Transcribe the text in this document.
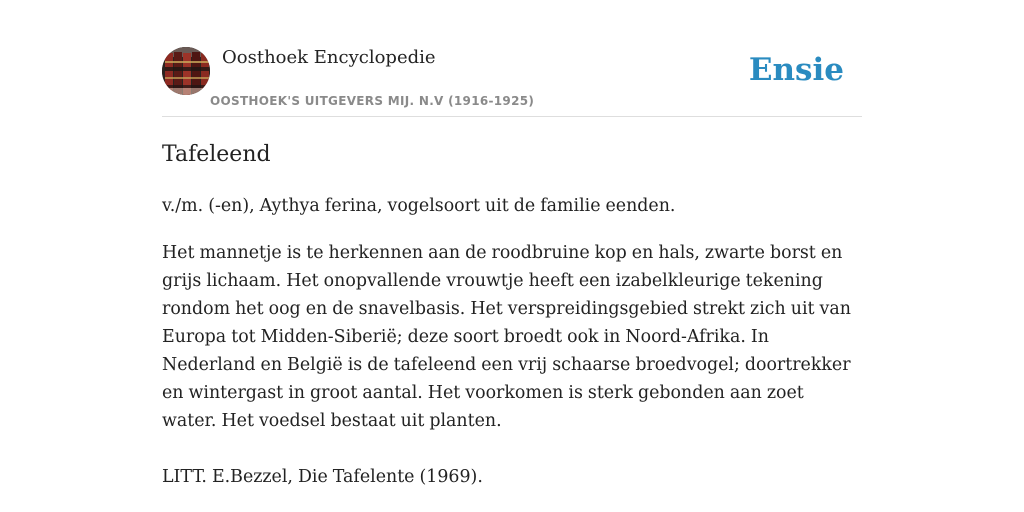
Oosthoek Encyclopedie
OOSTHOEK'S UITGEVERS MIJ. N.V (1916-1925)
Ensie
Tafeleend

v./m. (-en), Aythya ferina, vogelsoort uit de familie eenden.

Het mannetje is te herkennen aan de roodbruine kop en hals, zwarte borst en grijs lichaam. Het onopvallende vrouwtje heeft een izabelkleurige tekening rondom het oog en de snavelbasis. Het verspreidingsgebied strekt zich uit van Europa tot Midden-Siberië; deze soort broedt ook in Noord-Afrika. In Nederland en België is de tafeleend een vrij schaarse broedvogel; doortrekker en wintergast in groot aantal. Het voorkomen is sterk gebonden aan zoet water. Het voedsel bestaat uit planten.

LITT. E.Bezzel, Die Tafelente (1969).
